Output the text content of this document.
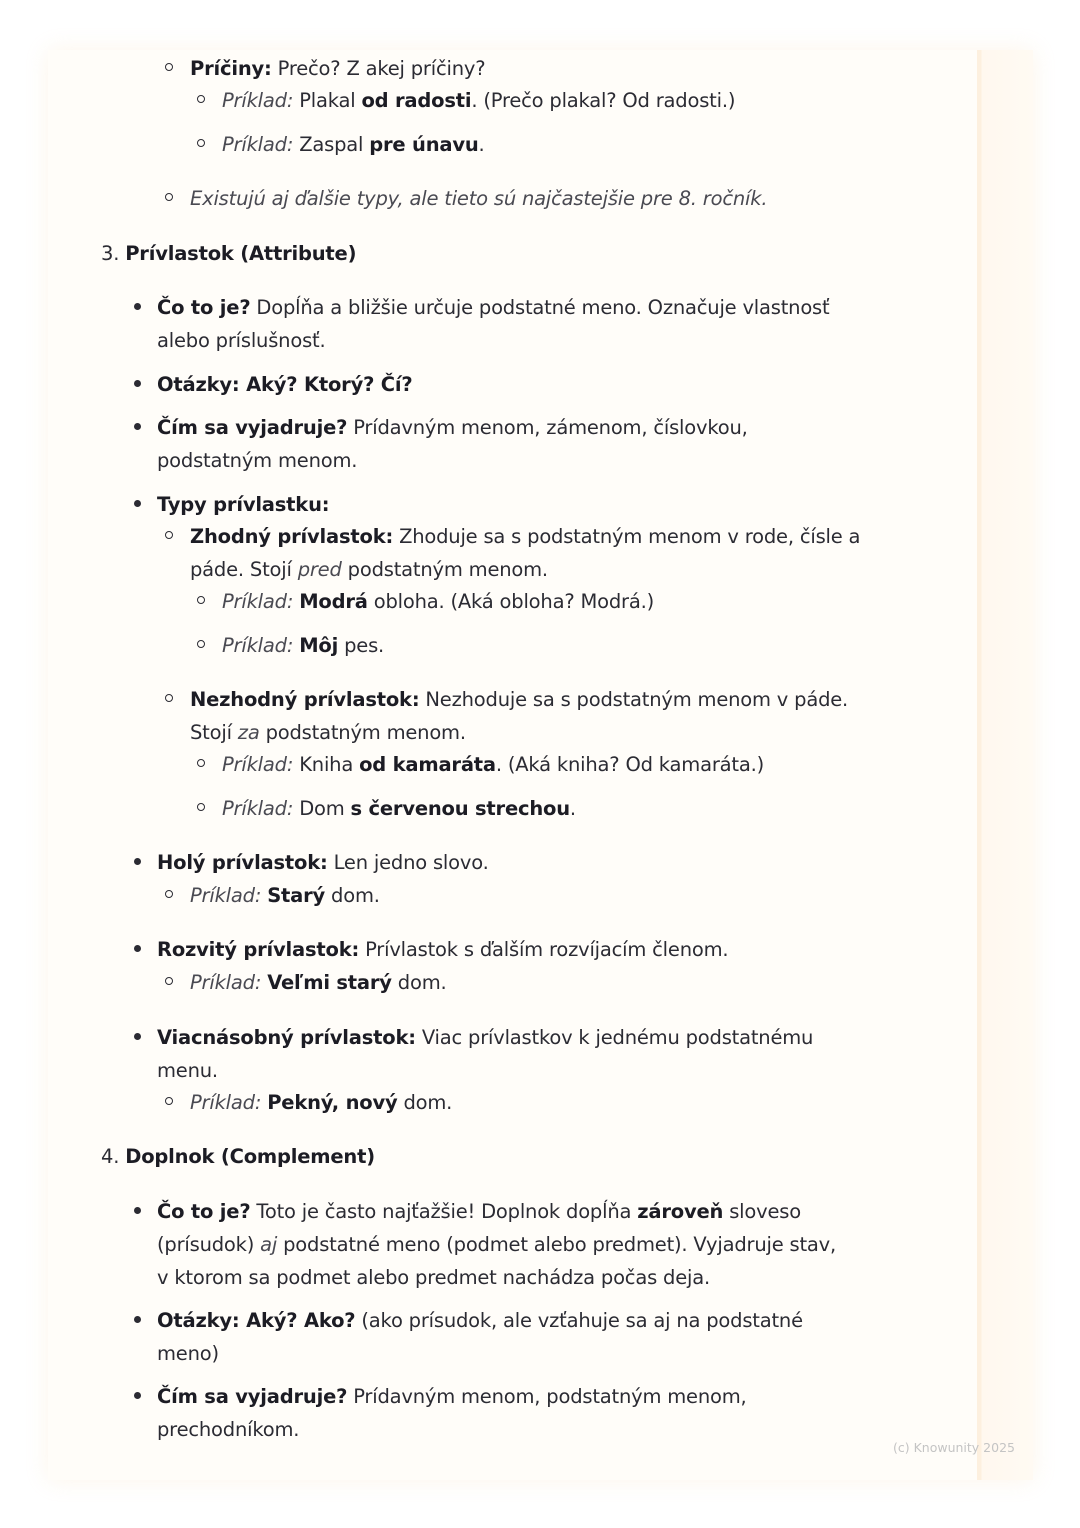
Príčiny: Prečo? Z akej príčiny?
Príklad: Plakal od radosti. (Prečo plakal? Od radosti.)
Príklad: Zaspal pre únavu.
Existujú aj ďalšie typy, ale tieto sú najčastejšie pre 8. ročník.
3. Prívlastok (Attribute)
Čo to je? Dopĺňa a bližšie určuje podstatné meno. Označuje vlastnosť
alebo príslušnosť.
Otázky: Aký? Ktorý? Čí?
Čím sa vyjadruje? Prídavným menom, zámenom, číslovkou,
podstatným menom.
Typy prívlastku:
Zhodný prívlastok: Zhoduje sa s podstatným menom v rode, čísle a
páde. Stojí pred podstatným menom.
Príklad: Modrá obloha. (Aká obloha? Modrá.)
Príklad: Môj pes.
Nezhodný prívlastok: Nezhoduje sa s podstatným menom v páde.
Stojí za podstatným menom.
Príklad: Kniha od kamaráta. (Aká kniha? Od kamaráta.)
Príklad: Dom s červenou strechou.
Holý prívlastok: Len jedno slovo.
Príklad: Starý dom.
Rozvitý prívlastok: Prívlastok s ďalším rozvíjacím členom.
Príklad: Veľmi starý dom.
Viacnásobný prívlastok: Viac prívlastkov k jednému podstatnému
menu.
Príklad: Pekný, nový dom.
4. Doplnok (Complement)
Čo to je? Toto je často najťažšie! Doplnok dopĺňa zároveň sloveso
(prísudok) aj podstatné meno (podmet alebo predmet). Vyjadruje stav,
v ktorom sa podmet alebo predmet nachádza počas deja.
Otázky: Aký? Ako? (ako prísudok, ale vzťahuje sa aj na podstatné
meno)
Čím sa vyjadruje? Prídavným menom, podstatným menom,
prechodníkom.
(c) Knowunity 2025
